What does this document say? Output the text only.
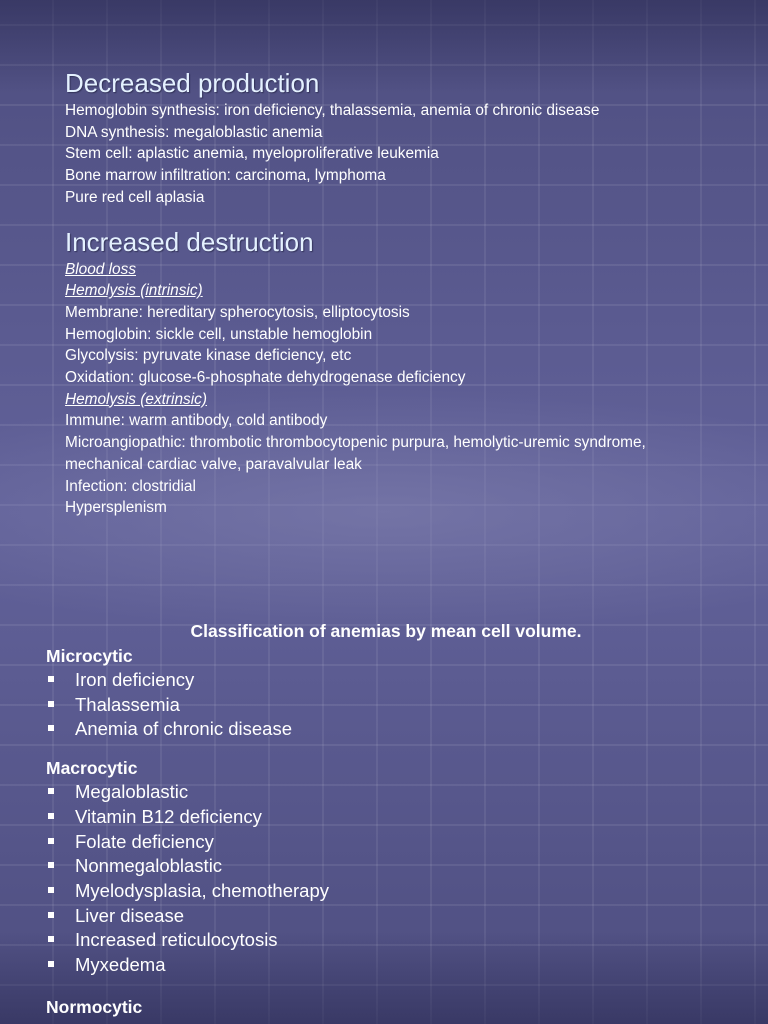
Decreased production
Hemoglobin synthesis: iron deficiency, thalassemia, anemia of chronic disease
DNA synthesis: megaloblastic anemia
Stem cell: aplastic anemia, myeloproliferative leukemia
Bone marrow infiltration: carcinoma, lymphoma
Pure red cell aplasia
Increased destruction
Blood loss
Hemolysis (intrinsic)
Membrane: hereditary spherocytosis, elliptocytosis
Hemoglobin: sickle cell, unstable hemoglobin
Glycolysis: pyruvate kinase deficiency, etc
Oxidation: glucose-6-phosphate dehydrogenase deficiency
Hemolysis (extrinsic)
Immune: warm antibody, cold antibody
Microangiopathic: thrombotic thrombocytopenic purpura, hemolytic-uremic syndrome, mechanical cardiac valve, paravalvular leak
Infection: clostridial
Hypersplenism
Classification of anemias by mean cell volume.
Microcytic
Iron deficiency
Thalassemia
Anemia of chronic disease
Macrocytic
Megaloblastic
Vitamin B12 deficiency
Folate deficiency
Nonmegaloblastic
Myelodysplasia, chemotherapy
Liver disease
Increased reticulocytosis
Myxedema
Normocytic
